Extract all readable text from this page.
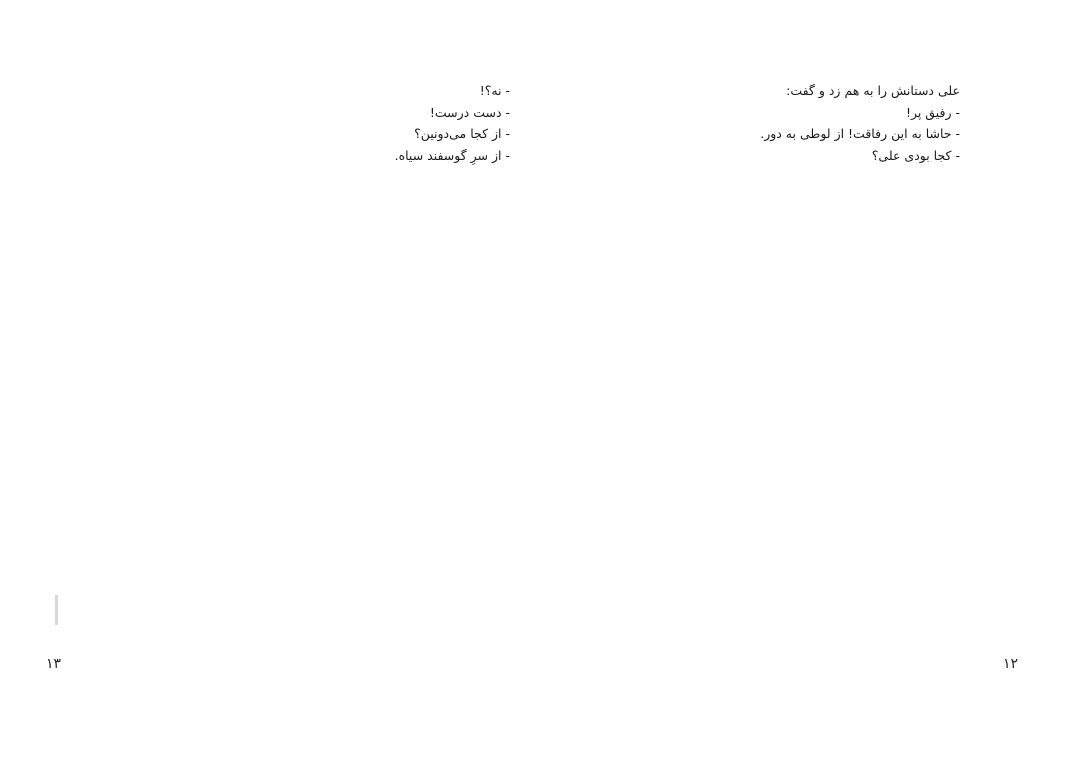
علی دستانش را به هم زد و گفت:
- رفیق پر!
- حاشا به این رفاقت! از لوطی به دور.
- کجا بودی علی؟
- نه؟!
- دست درست!
- از کجا می‌دونین؟
- از سرِ گوسفند سیاه.
۱۳	۱۲
